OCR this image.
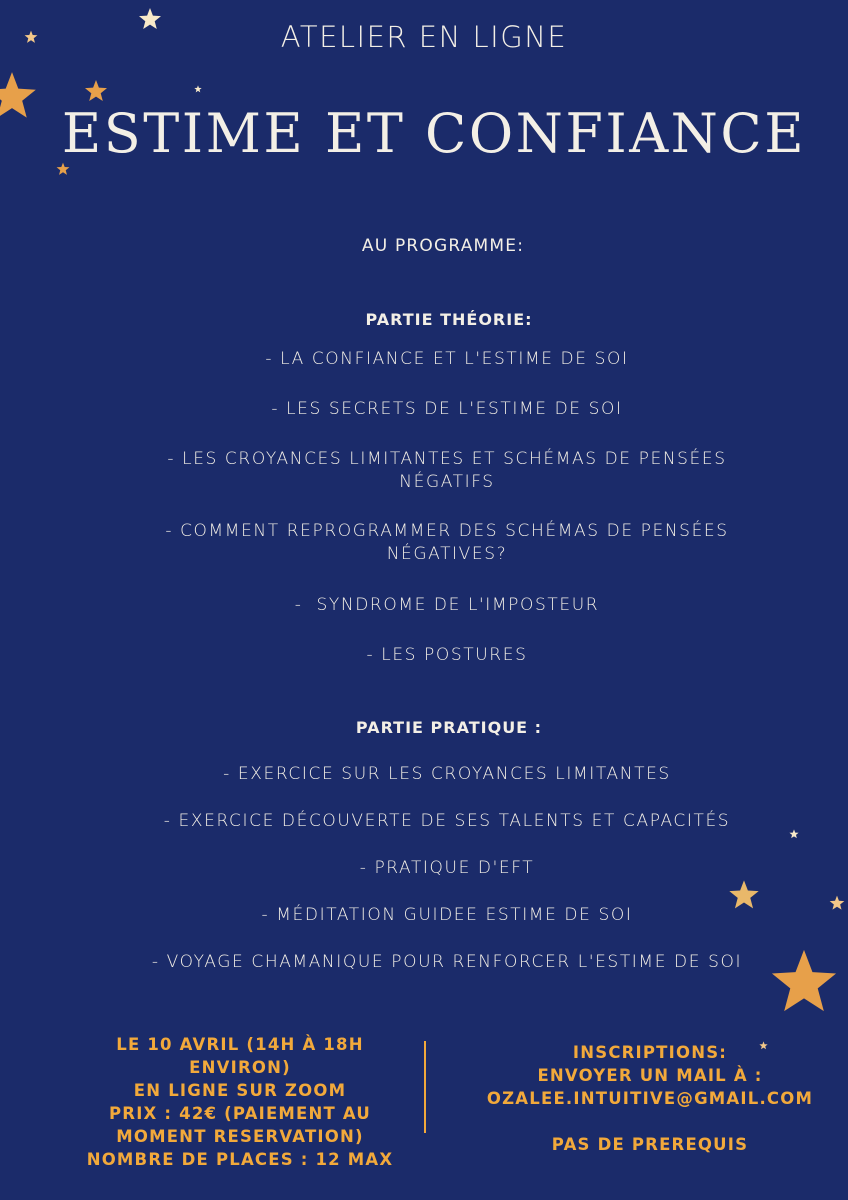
ATELIER EN LIGNE
ESTIME ET CONFIANCE
AU PROGRAMME:
PARTIE THÉORIE:
- LA CONFIANCE ET L'ESTIME DE SOI
- LES SECRETS DE L'ESTIME DE SOI
- LES CROYANCES LIMITANTES ET SCHÉMAS DE PENSÉES NÉGATIFS
- COMMENT REPROGRAMMER DES SCHÉMAS DE PENSÉES NÉGATIVES?
-  SYNDROME DE L'IMPOSTEUR
- LES POSTURES
PARTIE PRATIQUE :
- EXERCICE SUR LES CROYANCES LIMITANTES
- EXERCICE DÉCOUVERTE DE SES TALENTS ET CAPACITÉS
- PRATIQUE D'EFT
- MÉDITATION GUIDEE ESTIME DE SOI
- VOYAGE CHAMANIQUE POUR RENFORCER L'ESTIME DE SOI
LE 10 AVRIL (14H À 18H
ENVIRON)
EN LIGNE SUR ZOOM
PRIX : 42€ (PAIEMENT AU
MOMENT RESERVATION)
NOMBRE DE PLACES : 12 MAX
INSCRIPTIONS:
ENVOYER UN MAIL À :
OZALEE.INTUITIVE@GMAIL.COM
PAS DE PREREQUIS
